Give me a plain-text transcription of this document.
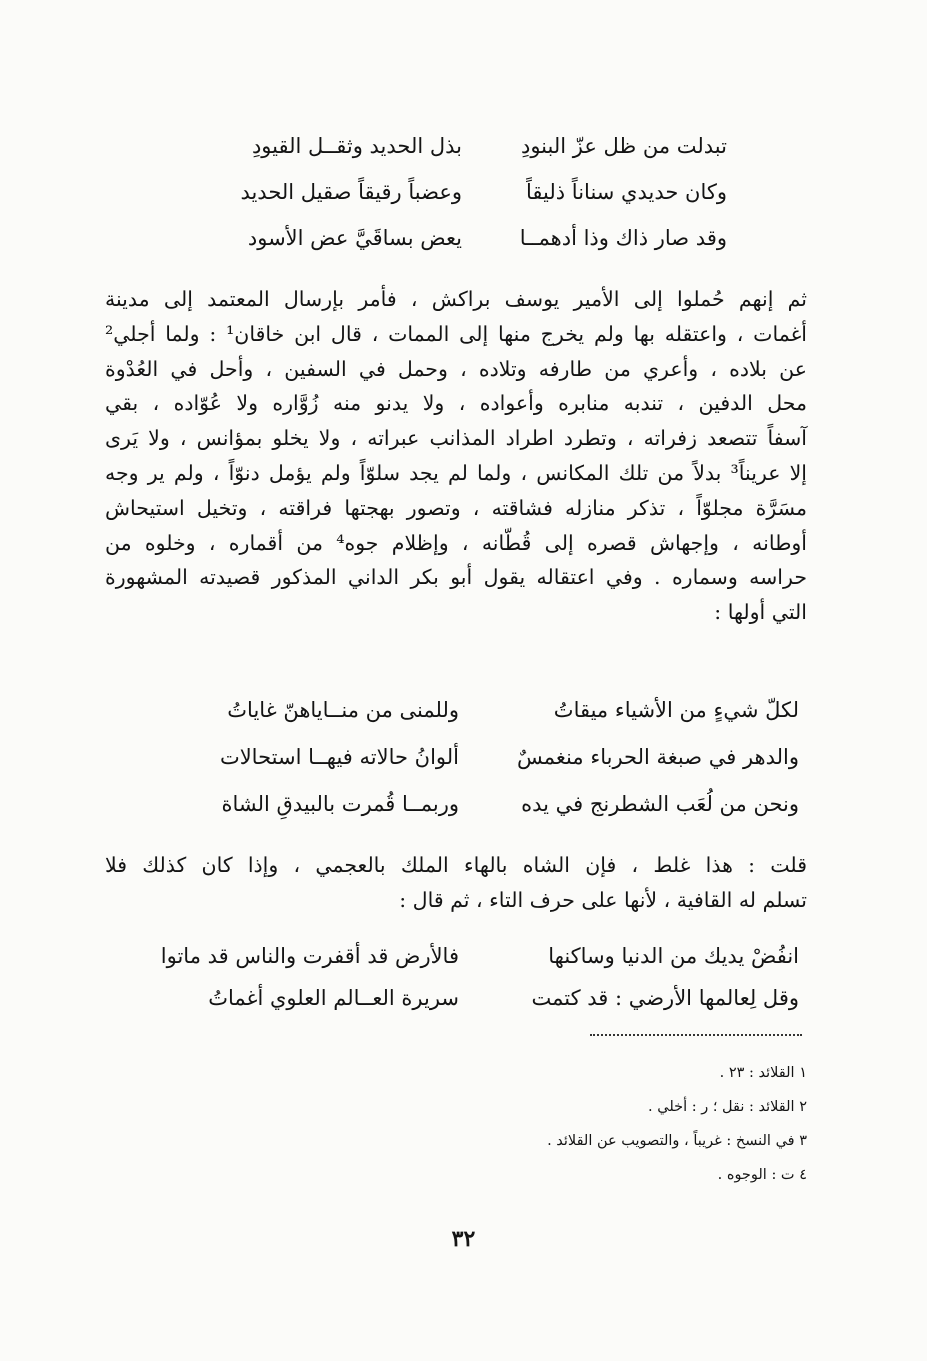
تبدلت من ظل عزّ البنودِ
بذل الحديد وثقــل القيودِ
وكان حديدي سناناً ذليقاً
وعضباً رقيقاً صقيل الحديد
وقد صار ذاك وذا أدهمــا
يعض بساقَيَّ عض الأسود
ثم إنهم حُملوا إلى الأمير يوسف براكش ، فأمر بإرسال المعتمد إلى مدينة
أغمات ، واعتقله بها ولم يخرج منها إلى الممات ، قال ابن خاقان¹ : ولما أجلي²
عن بلاده ، وأعري من طارفه وتلاده ، وحمل في السفين ، وأحل في العُدْوة
محل الدفين ، تندبه منابره وأعواده ، ولا يدنو منه زُوَّاره ولا عُوّاده ، بقي
آسفاً تتصعد زفراته ، وتطرد اطراد المذانب عبراته ، ولا يخلو بمؤانس ، ولا يَرى
إلا عريناً³ بدلاً من تلك المكانس ، ولما لم يجد سلوّاً ولم يؤمل دنوّاً ، ولم ير وجه
مسَرَّة مجلوّاً ، تذكر منازله فشاقته ، وتصور بهجتها فراقته ، وتخيل استيحاش
أوطانه ، وإجهاش قصره إلى قُطّانه ، وإظلام جوه⁴ من أقماره ، وخلوه من
حراسه وسماره . وفي اعتقاله يقول أبو بكر الداني المذكور قصيدته المشهورة
التي أولها :
لكلّ شيءٍ من الأشياء ميقاتُ
وللمنى من منــاياهنّ غاياتُ
والدهر في صبغة الحرباء منغمسٌ
ألوانُ حالاته فيهــا استحالات
ونحن من لُعَب الشطرنج في يده
وربمــا قُمرت بالبيدقِ الشاة
قلت : هذا غلط ، فإن الشاه بالهاء الملك بالعجمي ، وإذا كان كذلك فلا
تسلم له القافية ، لأنها على حرف التاء ، ثم قال :
انفُضْ يديك من الدنيا وساكنها
فالأرض قد أقفرت والناس قد ماتوا
وقل لِعالمها الأرضي : قد كتمت
سريرة العــالم العلوي أغماتُ
١ القلائد : ٢٣ .
٢ القلائد : نقل ؛ ر : أخلي .
٣ في النسخ : غريباً ، والتصويب عن القلائد .
٤ ت : الوجوه .
٣٢
